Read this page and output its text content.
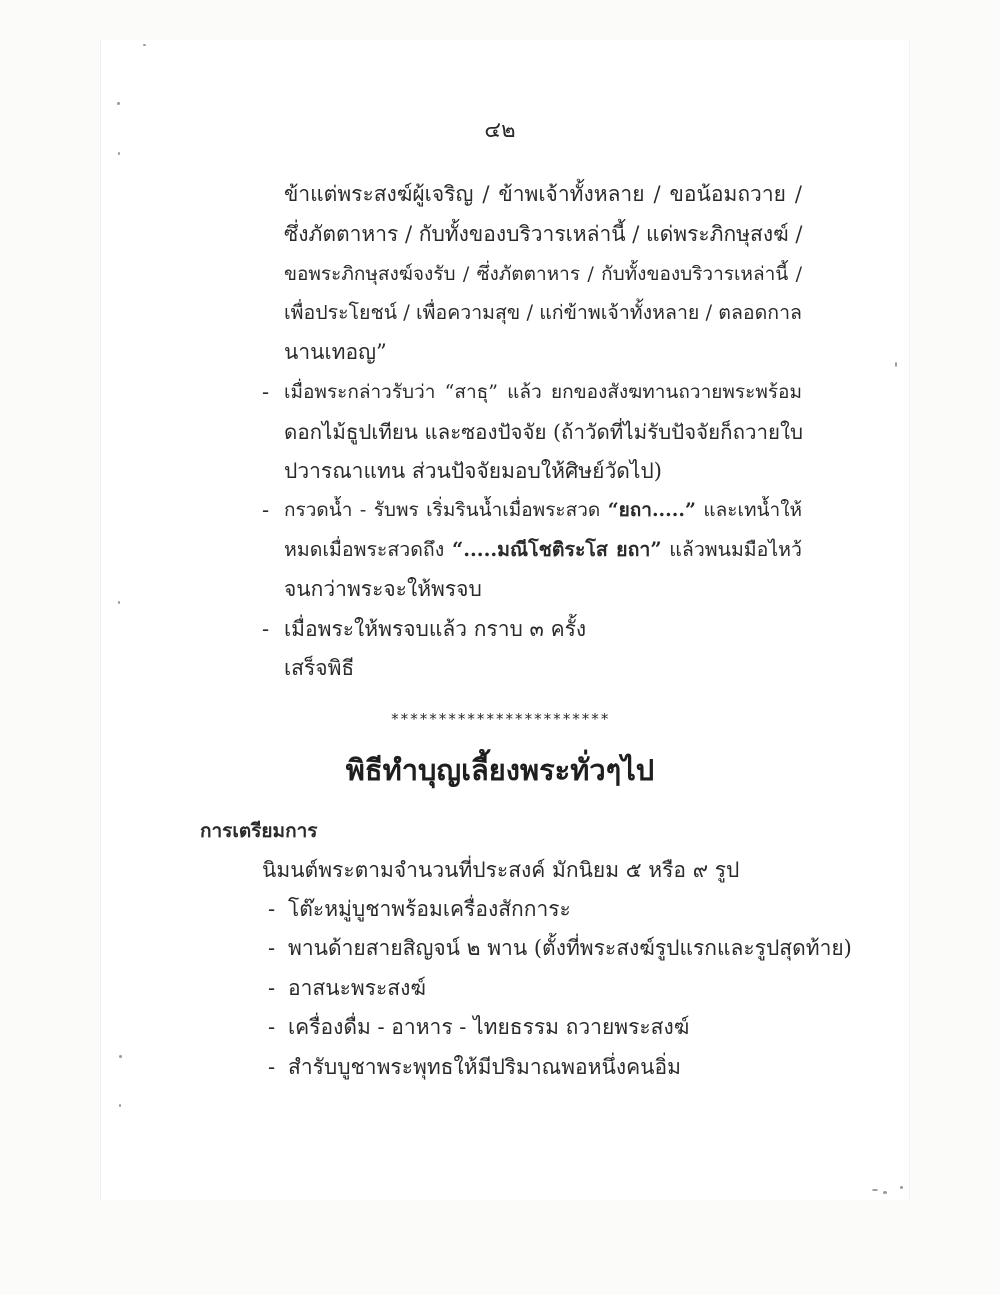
๔๒
ข้าแต่พระสงฆ์ผู้เจริญ / ข้าพเจ้าทั้งหลาย / ขอน้อมถวาย /
ซึ่งภัตตาหาร / กับทั้งของบริวารเหล่านี้ / แด่พระภิกษุสงฆ์ /
ขอพระภิกษุสงฆ์จงรับ / ซึ่งภัตตาหาร / กับทั้งของบริวารเหล่านี้ /
เพื่อประโยชน์ / เพื่อความสุข / แก่ข้าพเจ้าทั้งหลาย / ตลอดกาล
นานเทอญ”
- เมื่อพระกล่าวรับว่า “สาธุ” แล้ว ยกของสังฆทานถวายพระพร้อม
ดอกไม้ธูปเทียน และซองปัจจัย (ถ้าวัดที่ไม่รับปัจจัยก็ถวายใบ
ปวารณาแทน ส่วนปัจจัยมอบให้ศิษย์วัดไป)
- กรวดน้ำ - รับพร เริ่มรินน้ำเมื่อพระสวด “ยถา.....” และเทน้ำให้
หมดเมื่อพระสวดถึง “.....มณีโชติระโส ยถา” แล้วพนมมือไหว้
จนกว่าพระจะให้พรจบ
- เมื่อพระให้พรจบแล้ว กราบ ๓ ครั้ง
เสร็จพิธี
***********************
พิธีทำบุญเลี้ยงพระทั่วๆไป
การเตรียมการ
นิมนต์พระตามจำนวนที่ประสงค์ มักนิยม ๕ หรือ ๙ รูป
- โต๊ะหมู่บูชาพร้อมเครื่องสักการะ
- พานด้ายสายสิญจน์ ๒ พาน (ตั้งที่พระสงฆ์รูปแรกและรูปสุดท้าย)
- อาสนะพระสงฆ์
- เครื่องดื่ม - อาหาร - ไทยธรรม ถวายพระสงฆ์
- สำรับบูชาพระพุทธให้มีปริมาณพอหนึ่งคนอิ่ม
